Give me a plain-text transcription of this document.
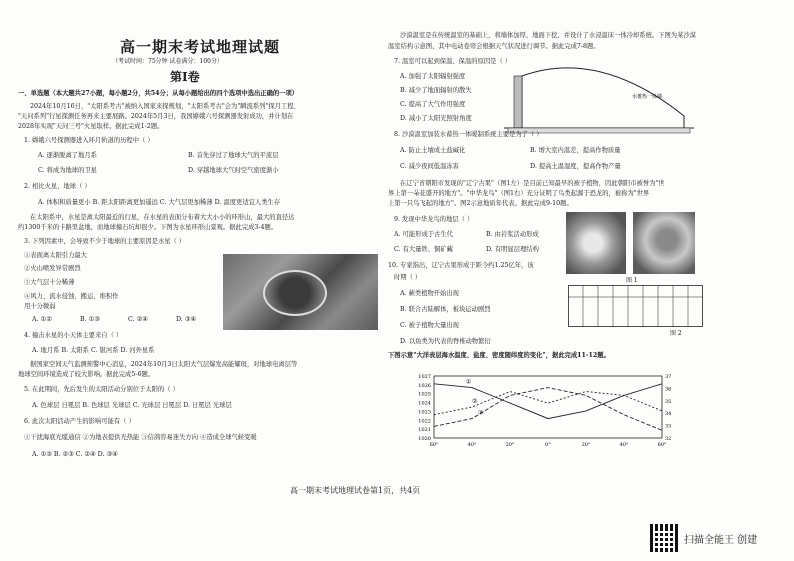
高一期末考试地理试题
（考试时间：75分钟 试卷满分：100分）
第Ⅰ卷
一、单选题（本大题共27小题，每小题2分，共54分；从每小题给出的四个选项中选出正确的一项）
2024年10月16日，"太阳系考古"被纳入国家来探规划，"太阳系考古"会为"瞬流系列"探月工程、
"天问系列"行星探测任务再来主要展路。2024年5月3日，我国嫦娥六号探测器发射成功，并计划在
2028年实现"天问三号"火星取样。据此完成1-2题。
1. 嫦娥六号探测器进入环月轨道的历程中（ ）
A. 逐渐脱离了地月系	B. 首先穿过了地球大气的平流层
C. 将成为地球的卫星	D. 穿越地球大气时空气密度渐小
2. 相比火星，地球（ ）
A. 体积和质量更小 B. 距太阳距离更加遥远 C. 大气层更加稀薄 D. 温度更适宜人类生存
在太阳系中，水星是离太阳最近的行星，在水星的表面分布着大大小小的环形山，最大的直径达
约1300千米的卡路里盆地，而地球撞石坑却很少。下图为水星环形山景观。据此完成3-4题。
3. 下列因素中，会导致不少于地球的主要原因是水星（ ）
①表面离太阳引力最大
②火山喷发异常剧烈
③大气层十分稀薄
④风力、流水侵蚀、搬运、堆积作
用十分微弱
A. ①②	B. ①③	C. ②④	D. ③④
4. 撞击水星的小天体主要来自（ ）
A. 地月系 B. 太阳系 C. 银河系 D. 河外星系
据国家空间天气监测预警中心消息，2024年10月3日太阳大气层爆发高能耀斑，对地球电离层等
地球空间环境造成了较大影响。据此完成5-6题。
5. 在此期间，先后发生的太阳活动分别位于太阳的（ ）
A. 色球层 日冕层 B. 色球层 光球层 C. 光球层 日冕层 D. 日冕层 光球层
6. 此次太阳活动产生的影响可能有（ ）
①干扰海底光缆通信 ②为地表提供光热能 ③信鸽容易迷失方向 ④造成全球气候变暖
A. ①③ B. ②③ C. ②④ D. ③④
沙漠温室是在传统温室的基础上，将墙体加厚，地面下挖，并设计了水浸温床一体冷却系统。下图为某沙漠
温室结构示意图，其中电动卷帘会根据天气状况进行调节。据此完成7-8题。
水蓄热一体墙
7. 温室可以起到保温、保温的原因是（ ）
A. 加强了太阳辐射强度
B. 减少了地面辐射的散失
C. 提高了大气作用强度
D. 减小了太阳光照射角度
8. 沙漠温室加装水蓄热一体暖制系统主要是为了（ ）
A. 防止土壤成土盐碱化	B. 增大室内温差，提高作物质量
C. 减少夜间低温冻害	D. 提高土温湿度，提高作物产量
在辽宁省朝阳市发现的"辽宁古果"（图1左）是目前已知最早的被子植物，因此朝阳市被誉为"世
界上第一朵花盛开的地方"。"中华龙鸟"（图1右）充分证明了鸟类起源于恐龙的，被称为"世界
上第一只鸟飞起的地方"。图2示意地质年代表。据此完成9-10题。
9. 发现中华龙鸟的地层（ ）
A. 可能形成于古生代	B. 由岩浆活动形成
C. 有大量铁、铜矿藏	D. 有明显层理结构
10. 专家指出，辽宁古果形成于距今约1.25亿年，该
时期（ ）
A. 蕨类植物开始出现
B. 联合古陆解体，板块运动剧烈
C. 被子植物大量出现
D. 以鱼类为代表的脊椎动物繁衍
图 1
图 2
下图示意"大洋表层海水温度、盐度、密度随纬度的变化"，据此完成11-12题。
1027
1026
1025
1024
1023
1022
1021
1020
37
36
35
34
33
32
60°	40°	20°	0°	20°	40°	60°
①
②
③
高一期末考试地理试卷第1页，共4页
扫描全能王 创建
